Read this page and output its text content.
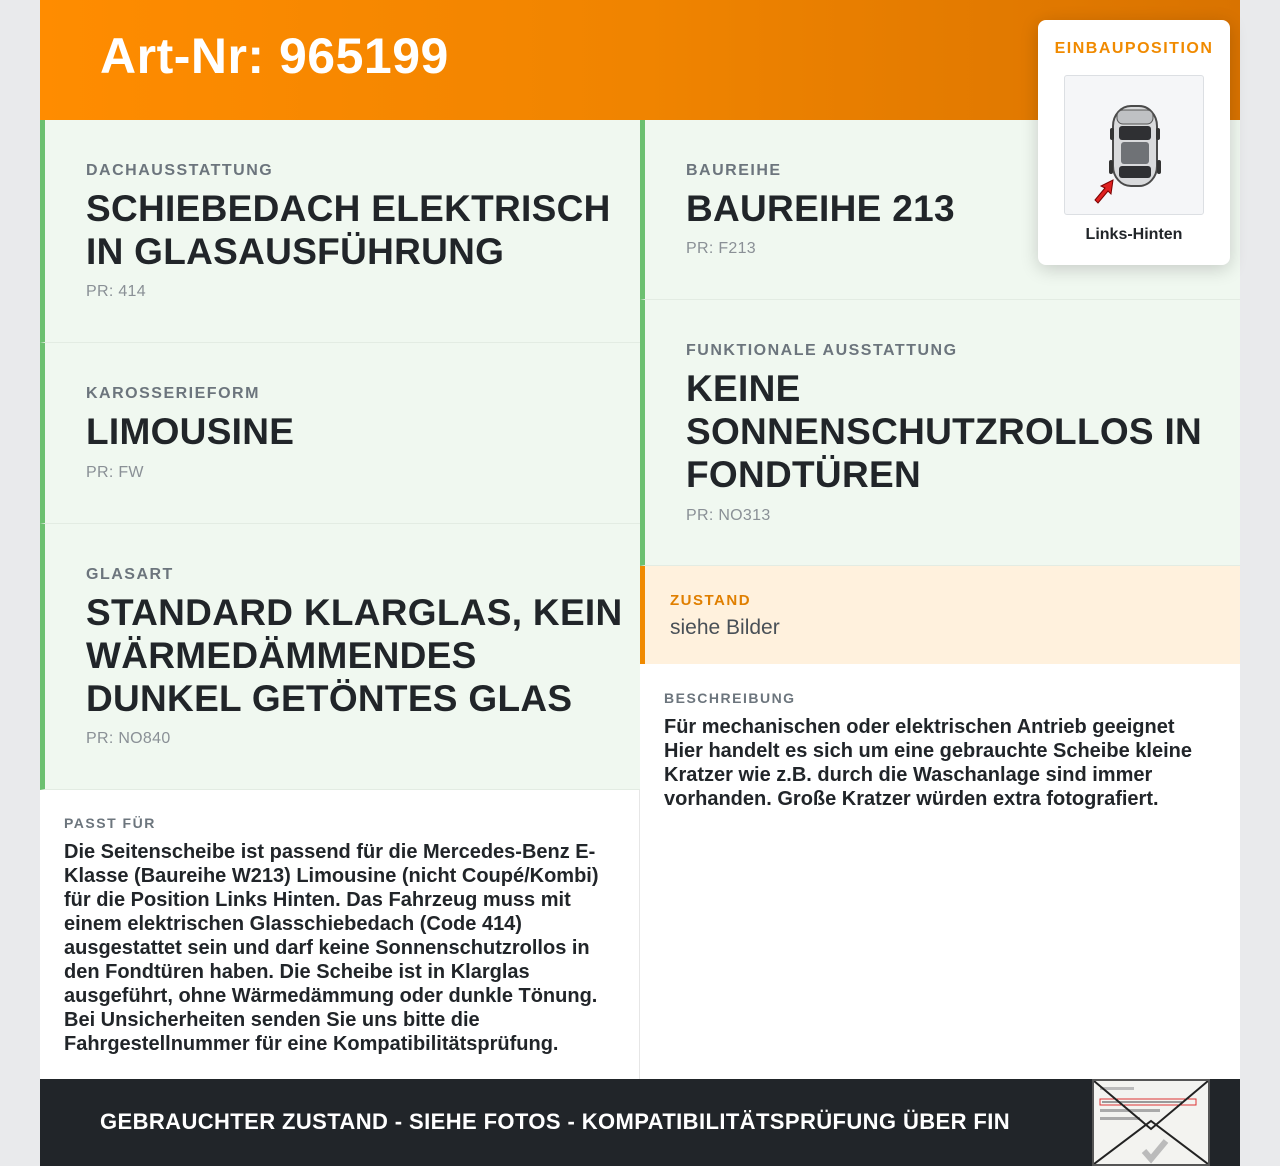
Art-Nr: 965199
DACHAUSSTATTUNG
SCHIEBEDACH ELEKTRISCH
IN GLASAUSFÜHRUNG
PR: 414
KAROSSERIEFORM
LIMOUSINE
PR: FW
GLASART
STANDARD KLARGLAS, KEIN
WÄRMEDÄMMENDES
DUNKEL GETÖNTES GLAS
PR: NO840
BAUREIHE
BAUREIHE 213
PR: F213
FUNKTIONALE AUSSTATTUNG
KEINE
SONNENSCHUTZROLLOS IN
FONDTÜREN
PR: NO313
ZUSTAND
siehe Bilder
BESCHREIBUNG
Für mechanischen oder elektrischen Antrieb geeignet
Hier handelt es sich um eine gebrauchte Scheibe kleine
Kratzer wie z.B. durch die Waschanlage sind immer
vorhanden. Große Kratzer würden extra fotografiert.
PASST FÜR
Die Seitenscheibe ist passend für die Mercedes-Benz E-
Klasse (Baureihe W213) Limousine (nicht Coupé/Kombi)
für die Position Links Hinten. Das Fahrzeug muss mit
einem elektrischen Glasschiebedach (Code 414)
ausgestattet sein und darf keine Sonnenschutzrollos in
den Fondtüren haben. Die Scheibe ist in Klarglas
ausgeführt, ohne Wärmedämmung oder dunkle Tönung.
Bei Unsicherheiten senden Sie uns bitte die
Fahrgestellnummer für eine Kompatibilitätsprüfung.
EINBAUPOSITION
Links-Hinten
GEBRAUCHTER ZUSTAND - SIEHE FOTOS - KOMPATIBILITÄTSPRÜFUNG ÜBER FIN
